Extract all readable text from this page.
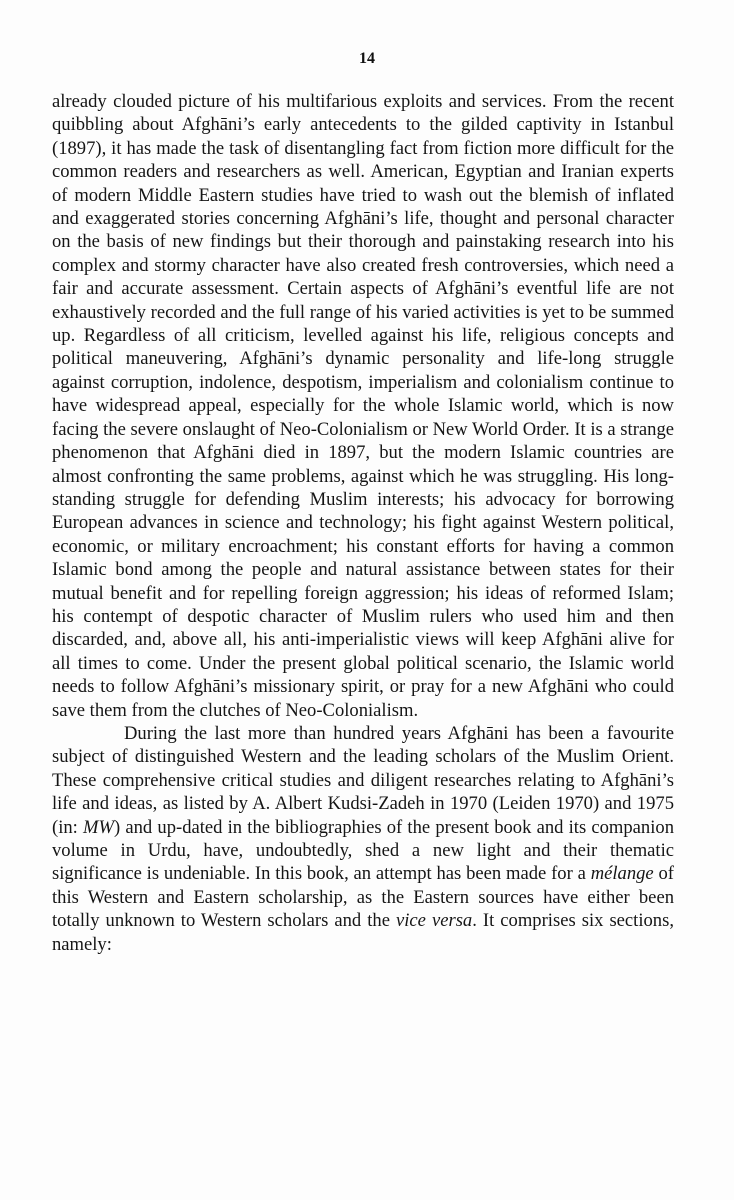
14

already clouded picture of his multifarious exploits and services. From the recent quibbling about Afghāni’s early antecedents to the gilded captivity in Istanbul (1897), it has made the task of disentangling fact from fiction more difficult for the common readers and researchers as well. American, Egyptian and Iranian experts of modern Middle Eastern studies have tried to wash out the blemish of inflated and exaggerated stories concerning Afghāni’s life, thought and personal character on the basis of new findings but their thorough and painstaking research into his complex and stormy character have also created fresh controversies, which need a fair and accurate assessment. Certain aspects of Afghāni’s eventful life are not exhaustively recorded and the full range of his varied activities is yet to be summed up. Regardless of all criticism, levelled against his life, religious concepts and political maneuvering, Afghāni’s dynamic personality and life-long struggle against corruption, indolence, despotism, imperialism and colonialism continue to have widespread appeal, especially for the whole Islamic world, which is now facing the severe onslaught of Neo-Colonialism or New World Order. It is a strange phenomenon that Afghāni died in 1897, but the modern Islamic countries are almost confronting the same problems, against which he was struggling. His long-standing struggle for defending Muslim interests; his advocacy for borrowing European advances in science and technology; his fight against Western political, economic, or military encroachment; his constant efforts for having a common Islamic bond among the people and natural assistance between states for their mutual benefit and for repelling foreign aggression; his ideas of reformed Islam; his contempt of despotic character of Muslim rulers who used him and then discarded, and, above all, his anti-imperialistic views will keep Afghāni alive for all times to come. Under the present global political scenario, the Islamic world needs to follow Afghāni’s missionary spirit, or pray for a new Afghāni who could save them from the clutches of Neo-Colonialism.

During the last more than hundred years Afghāni has been a favourite subject of distinguished Western and the leading scholars of the Muslim Orient. These comprehensive critical studies and diligent researches relating to Afghāni’s life and ideas, as listed by A. Albert Kudsi-Zadeh in 1970 (Leiden 1970) and 1975 (in: MW) and up-dated in the bibliographies of the present book and its companion volume in Urdu, have, undoubtedly, shed a new light and their thematic significance is undeniable. In this book, an attempt has been made for a mélange of this Western and Eastern scholarship, as the Eastern sources have either been totally unknown to Western scholars and the vice versa. It comprises six sections, namely:
